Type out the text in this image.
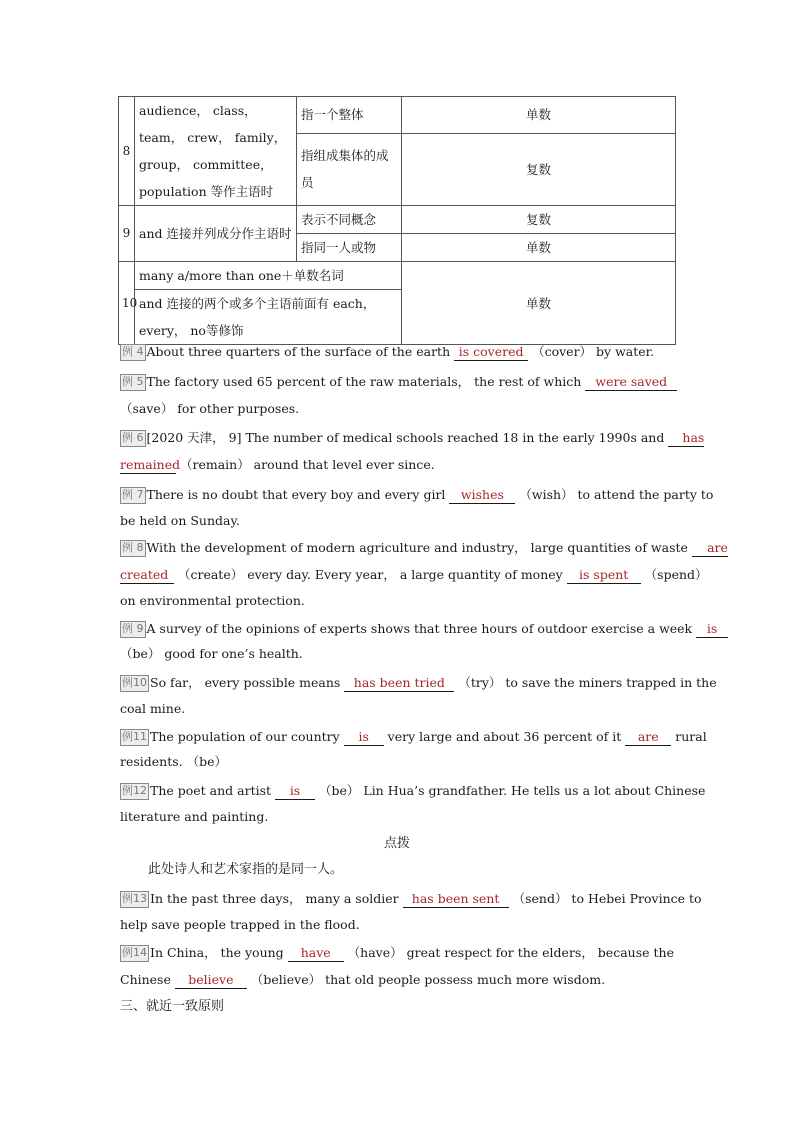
8	audience， class，
team， crew， family，
group， committee，
population 等作主语时	指一个整体	单数
		指组成集体的成员	复数
9	and 连接并列成分作主语时	表示不同概念	复数
		指同一人或物	单数
10	many a/more than one＋单数名词		单数
	and 连接的两个或多个主语前面有 each，every， no等修饰		
例 4 About three quarters of the surface of the earth is covered （cover） by water.
例 5 The factory used 65 percent of the raw materials， the rest of which were saved
（save） for other purposes.
例 6 [2020 天津， 9] The number of medical schools reached 18 in the early 1990s and has
remained （remain） around that level ever since.
例 7 There is no doubt that every boy and every girl wishes （wish） to attend the party to
be held on Sunday.
例 8 With the development of modern agriculture and industry， large quantities of waste are
created （create） every day. Every year， a large quantity of money is spent （spend）
on environmental protection.
例 9 A survey of the opinions of experts shows that three hours of outdoor exercise a week is
（be） good for one’s health.
例10 So far， every possible means has been tried （try） to save the miners trapped in the
coal mine.
例11 The population of our country is very large and about 36 percent of it are rural
residents. （be）
例12 The poet and artist is （be） Lin Hua’s grandfather. He tells us a lot about Chinese
literature and painting.
点拨
此处诗人和艺术家指的是同一人。
例13 In the past three days， many a soldier has been sent （send） to Hebei Province to
help save people trapped in the flood.
例14 In China， the young have （have） great respect for the elders， because the
Chinese believe （believe） that old people possess much more wisdom.
三、就近一致原则
